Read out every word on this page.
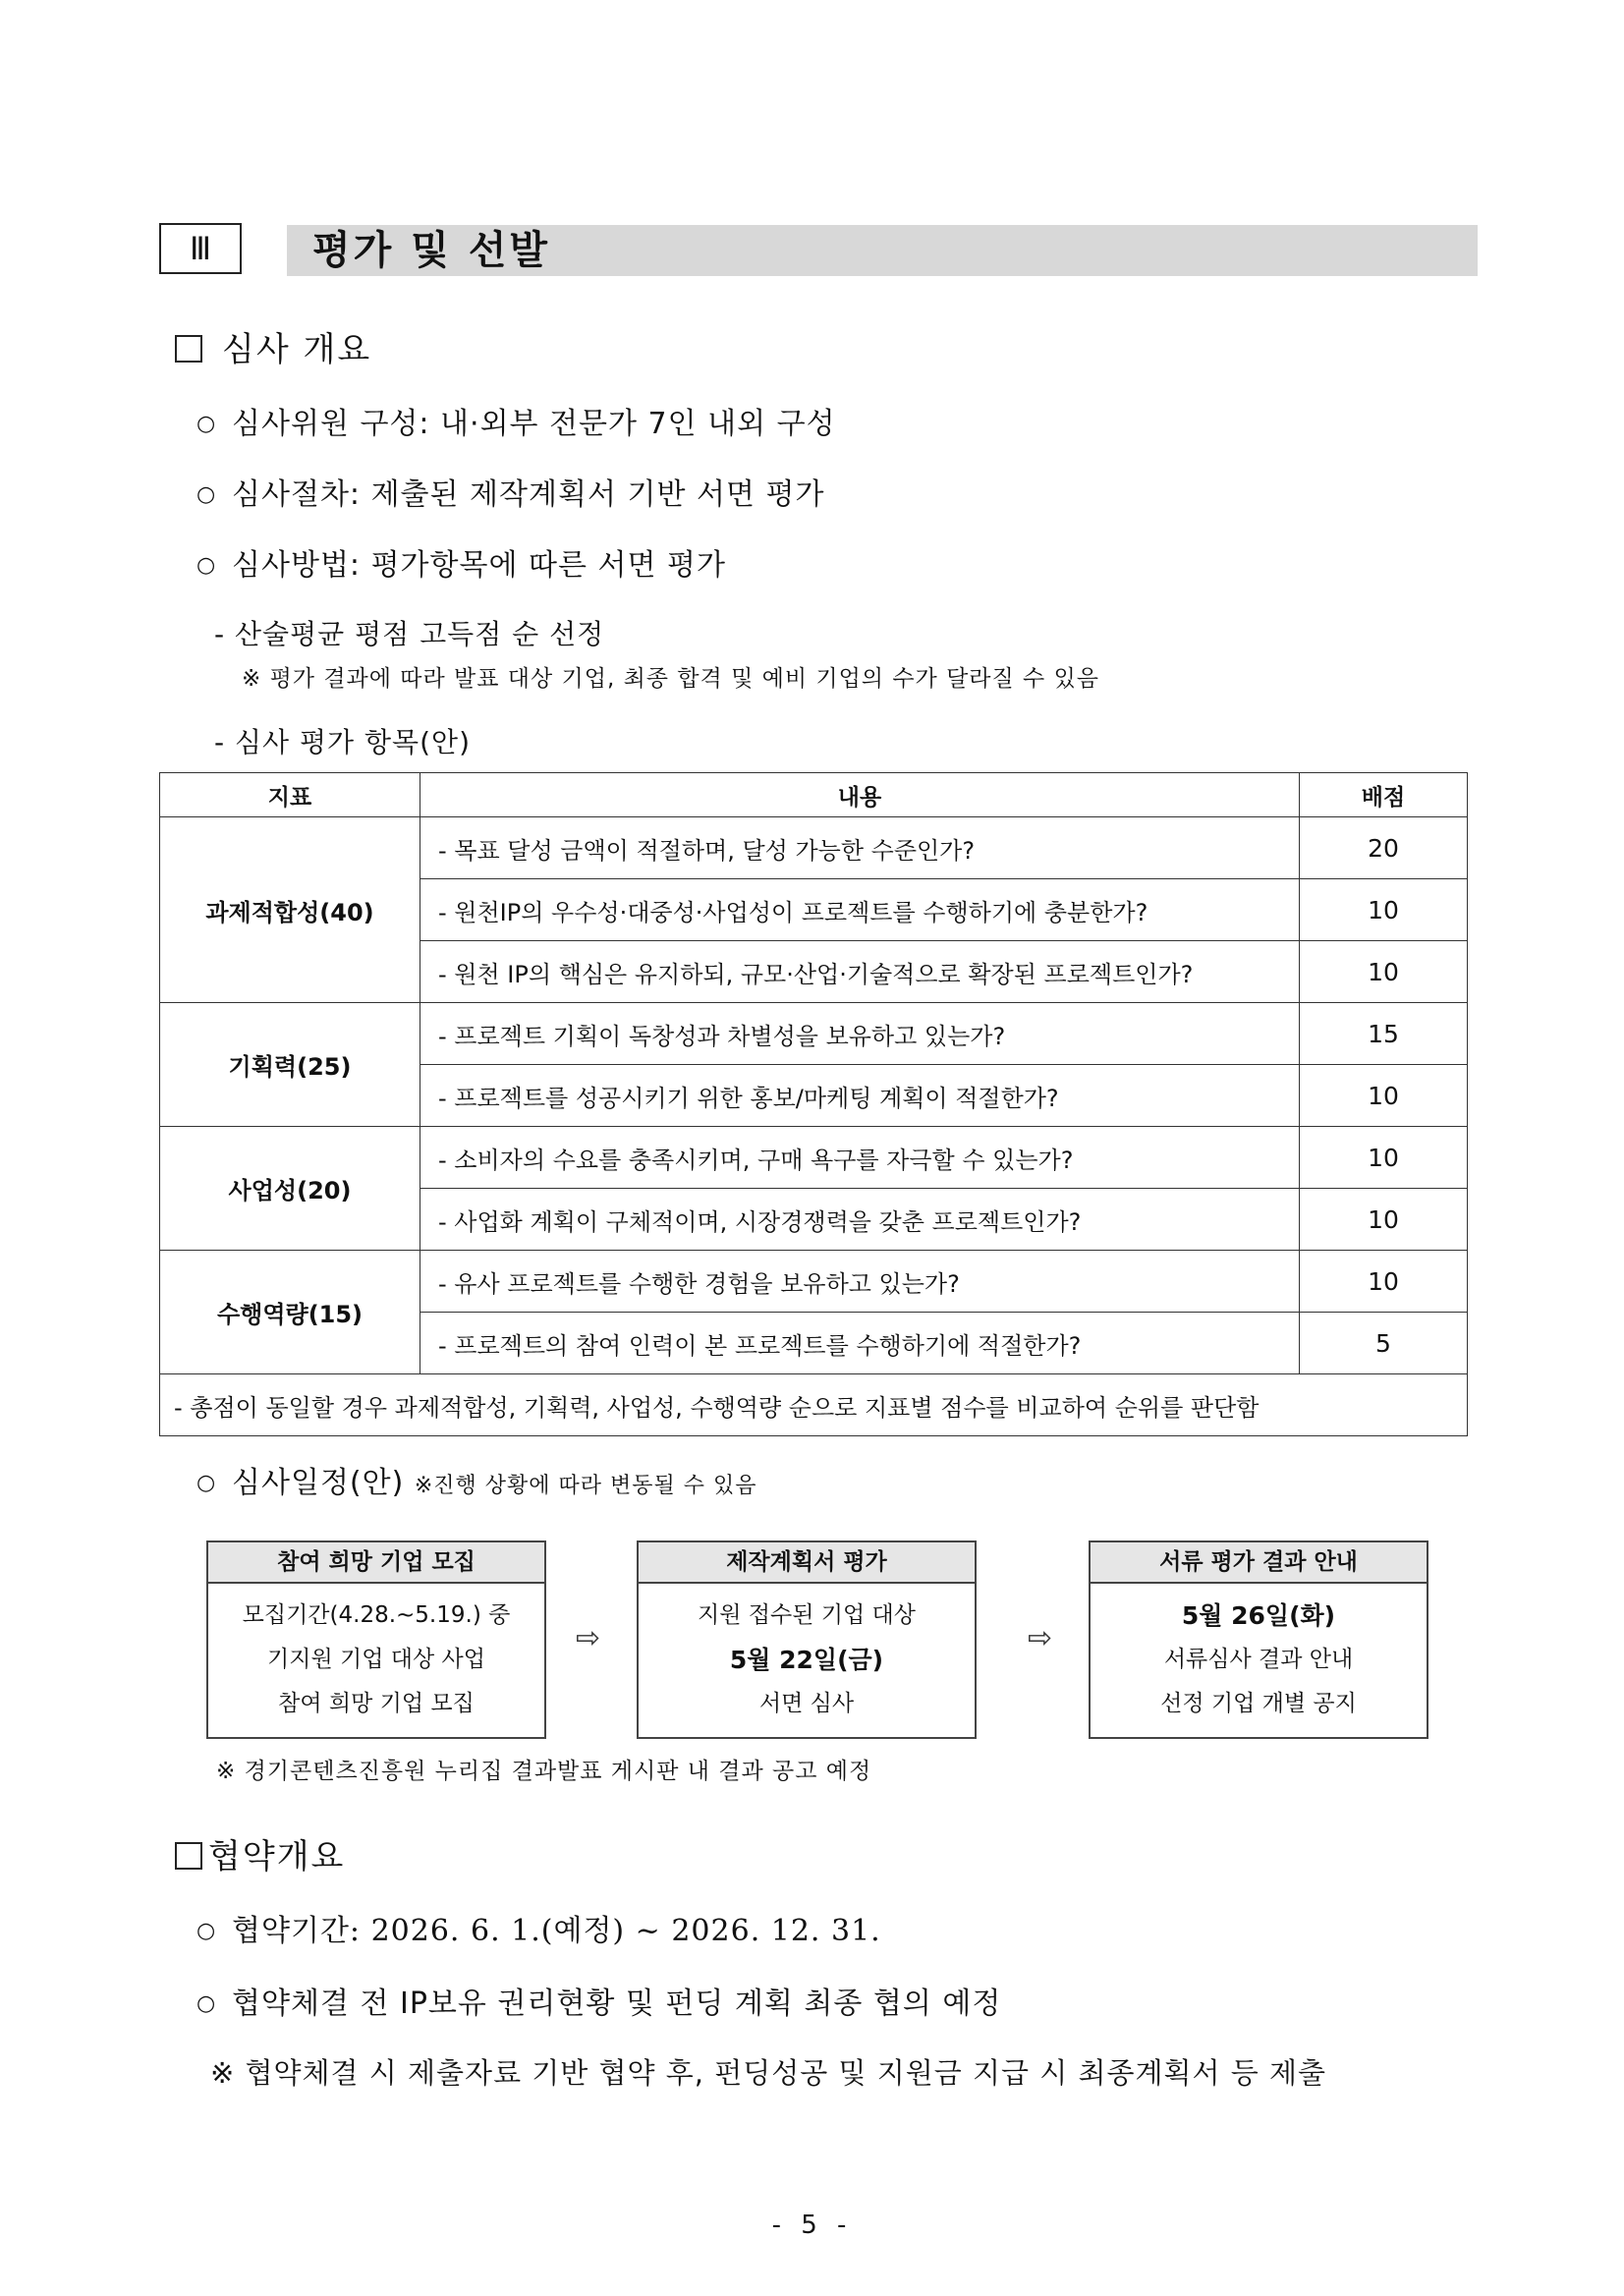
Ⅲ	평가 및 선발
심사 개요
○ 심사위원 구성: 내·외부 전문가 7인 내외 구성
○ 심사절차: 제출된 제작계획서 기반 서면 평가
○ 심사방법: 평가항목에 따른 서면 평가
- 산술평균 평점 고득점 순 선정
※ 평가 결과에 따라 발표 대상 기업, 최종 합격 및 예비 기업의 수가 달라질 수 있음
- 심사 평가 항목(안)
지표	내용	배점
과제적합성(40)	- 목표 달성 금액이 적절하며, 달성 가능한 수준인가?	20
	- 원천IP의 우수성·대중성·사업성이 프로젝트를 수행하기에 충분한가?	10
	- 원천 IP의 핵심은 유지하되, 규모·산업·기술적으로 확장된 프로젝트인가?	10
기획력(25)	- 프로젝트 기획이 독창성과 차별성을 보유하고 있는가?	15
	- 프로젝트를 성공시키기 위한 홍보/마케팅 계획이 적절한가?	10
사업성(20)	- 소비자의 수요를 충족시키며, 구매 욕구를 자극할 수 있는가?	10
	- 사업화 계획이 구체적이며, 시장경쟁력을 갖춘 프로젝트인가?	10
수행역량(15)	- 유사 프로젝트를 수행한 경험을 보유하고 있는가?	10
	- 프로젝트의 참여 인력이 본 프로젝트를 수행하기에 적절한가?	5
- 총점이 동일할 경우 과제적합성, 기획력, 사업성, 수행역량 순으로 지표별 점수를 비교하여 순위를 판단함		
○ 심사일정(안) ※진행 상황에 따라 변동될 수 있음
참여 희망 기업 모집
모집기간(4.28.~5.19.) 중
기지원 기업 대상 사업
참여 희망 기업 모집
⇨
제작계획서 평가
지원 접수된 기업 대상
5월 22일(금)
서면 심사
⇨
서류 평가 결과 안내
5월 26일(화)
서류심사 결과 안내
선정 기업 개별 공지
※ 경기콘텐츠진흥원 누리집 결과발표 게시판 내 결과 공고 예정
협약개요
○ 협약기간: 2026. 6. 1.(예정) ~ 2026. 12. 31.
○ 협약체결 전 IP보유 권리현황 및 펀딩 계획 최종 협의 예정
※ 협약체결 시 제출자료 기반 협약 후, 펀딩성공 및 지원금 지급 시 최종계획서 등 제출
- 5 -
